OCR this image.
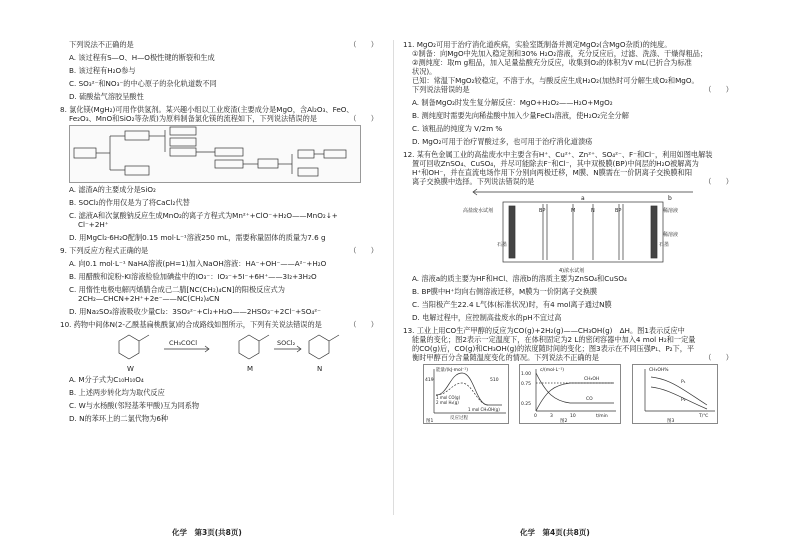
下列说法不正确的是	（　　）

A. 该过程有S—O、H—O极性键的断裂和生成

B. 该过程有H₂O参与

C. SO₃²⁻和NO₃⁻的中心原子的杂化轨道数不同

D. 硫酸盐气溶胶呈酸性

8. 氯化镁(MgH₂)可用作供氢剂。某兴趣小组以工业废渣(主要成分是MgO，含Al₂O₃、FeO、

Fe₂O₃、MnO和SiO₂等杂质)为原料制备氯化镁的流程如下，下列说法错误的是	（　　）

A. 滤渣A的主要成分是SiO₂

B. SOCl₂的作用仅是为了将CaCl₂代替

C. 滤液A和次氯酸钠反应生成MnO₂的离子方程式为Mn²⁺+ClO⁻+H₂O——MnO₂↓+

Cl⁻+2H⁺

D. 用MgCl₂·6H₂O配制0.15 mol·L⁻¹溶液250 mL，需要称量固体的质量为7.6 g

9. 下列反应方程式正确的是	（　　）

A. 向0.1 mol·L⁻¹ NaHA溶液(pH=1)加入NaOH溶液：HA⁻+OH⁻——A²⁻+H₂O

B. 用醋酸和淀粉-KI溶液检验加碘盐中的IO₃⁻：IO₃⁻+5I⁻+6H⁺——3I₂+3H₂O

C. 用惰性电极电解丙烯腈合成己二腈[NC(CH₂)₄CN]的阳极反应式为

2CH₂—CHCN+2H⁺+2e⁻——NC(CH₂)₄CN

D. 用Na₂SO₃溶液吸收少量Cl₂：3SO₃²⁻+Cl₂+H₂O——2HSO₃⁻+2Cl⁻+SO₄²⁻

10. 药物中间体N(2-乙酰基扁桃酰氯)的合成路线如图所示，下列有关说法错误的是	（　　）

CH₃COCl	SOCl₂
W	M	N

A. M分子式为C₁₀H₁₀O₄

B. 上述两步转化均为取代反应

C. W与水杨酸(邻羟基苯甲酸)互为同系物

D. N的苯环上的二氯代物为6种

11. MgO₂可用于治疗消化道疾病，实验室既制备并测定MgO₂(含MgO杂质)的纯度。

①制备：向MgO中先加入稳定剂和30% H₂O₂溶液，充分反应后，过滤、洗涤、干燥得粗品；

②测纯度：取m g粗品，加入足量盐酸充分反应，收集到O₂的体积为V mL(已折合为标准

状况)。

已知：常温下MgO₂较稳定，不溶于水，与酸反应生成H₂O₂(加热时可分解生成O₂和MgO。

下列说法错误的是	（　　）

A. 制备MgO₂时发生复分解反应：MgO+H₂O₂——H₂O+MgO₂

B. 测纯度时需要先向稀盐酸中加入少量FeCl₃溶液，使H₂O₂完全分解

C. 该粗品的纯度为 V/2m %

D. MgO₂可用于治疗胃酸过多，也可用于治疗消化道溃疡

12. 某有色金属工业的高盐废水中主要含有H⁺、Cu²⁺、Zn²⁺、SO₄²⁻、F⁻和Cl⁻，利用如图电解装

置可回收ZnSO₄、CuSO₄，并尽可能除去F⁻和Cl⁻，其中双极膜(BP)中间层的H₂O被解离为

H⁺和OH⁻，并在直流电场作用下分别向两极迁移，M膜、N膜需在一价阴离子交换膜和阳

离子交换膜中选择。下列说法错误的是	（　　）

a	b
高盐废水试剂	稀溶液
稀溶液
4)浓水试剂
BP	M	N	BP
石墨	石墨

A. 溶液a的质主要为HF和HCl、溶液b的溶质主要为ZnSO₄和CuSO₄

B. BP膜中H⁺均向右侧溶液迁移，M膜为一价阴离子交换膜

C. 当阳极产生22.4 L气体(标准状况)时，有4 mol离子通过N膜

D. 电解过程中，应控制高盐废水的pH不宜过高

13. 工业上用CO生产甲醇的反应为CO(g)+2H₂(g)——CH₃OH(g)　ΔH。图1表示反应中

能量的变化；图2表示一定温度下，在体积固定为2 L的密闭容器中加入4 mol H₂和一定量

的CO(g)后，CO(g)和CH₃OH(g)的浓度随时间的变化；图3表示在不同压强P₁、P₂下，平

衡时甲醇百分含量随温度变化的情况。下列说法不正确的是	（　　）

能量/(kJ·mol⁻¹)
419	510
1 mol CO(g)
2 mol H₂(g)
1 mol CH₃OH(g)
反应过程
图1

c/(mol·L⁻¹)
1.00
0.75
0.25
CH₃OH
CO
0	3	10	t/min
图2

CH₃OH%
P₁
P₂
T/℃
图3
化学　第3页(共8页)	化学　第4页(共8页)
